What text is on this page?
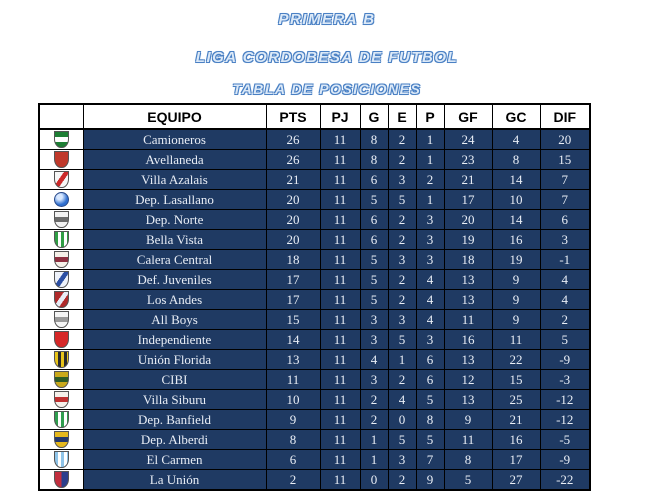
PRIMERA B
LIGA CORDOBESA DE FUTBOL
TABLA DE POSICIONES
	EQUIPO	PTS	PJ	G	E	P	GF	GC	DIF

	Camioneros	26	11	8	2	1	24	4	20

	Avellaneda	26	11	8	2	1	23	8	15

	Villa Azalais	21	11	6	3	2	21	14	7

	Dep. Lasallano	20	11	5	5	1	17	10	7

	Dep. Norte	20	11	6	2	3	20	14	6

	Bella Vista	20	11	6	2	3	19	16	3

	Calera Central	18	11	5	3	3	18	19	-1

	Def. Juveniles	17	11	5	2	4	13	9	4

	Los Andes	17	11	5	2	4	13	9	4

	All Boys	15	11	3	3	4	11	9	2

	Independiente	14	11	3	5	3	16	11	5

	Unión Florida	13	11	4	1	6	13	22	-9

	CIBI	11	11	3	2	6	12	15	-3

	Villa Siburu	10	11	2	4	5	13	25	-12

	Dep. Banfield	9	11	2	0	8	9	21	-12

	Dep. Alberdi	8	11	1	5	5	11	16	-5

	El Carmen	6	11	1	3	7	8	17	-9

	La Unión	2	11	0	2	9	5	27	-22
